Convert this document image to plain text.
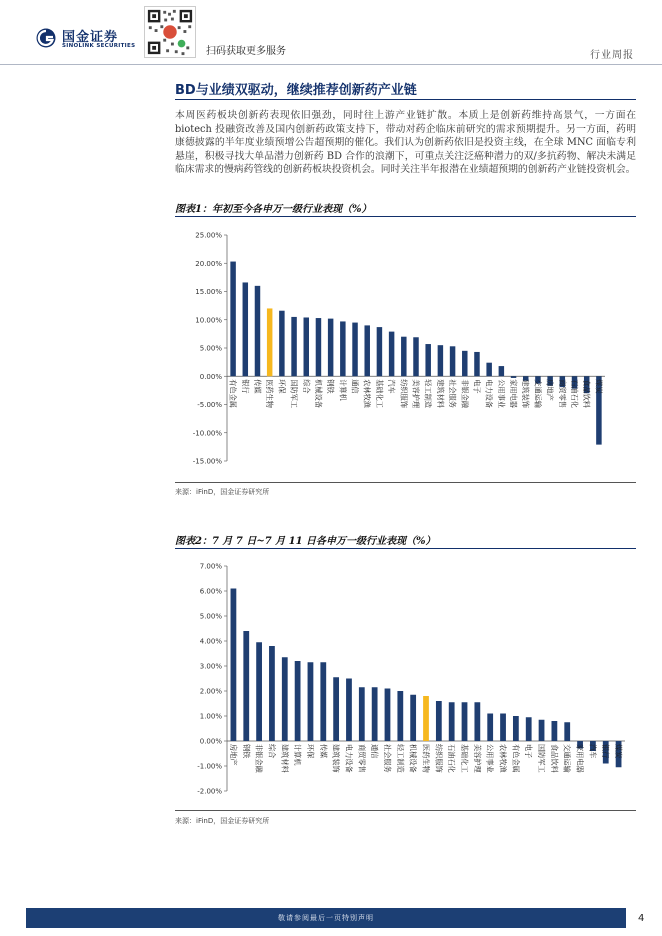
国金证券
SINOLINK SECURITIES	扫码获取更多服务	行业周报
BD与业绩双驱动，继续推荐创新药产业链

本周医药板块创新药表现依旧强劲，同时往上游产业链扩散。本质上是创新药维持高景气，一方面在 biotech 投融资改善及国内创新药政策支持下，带动对药企临床前研究的需求预期提升。另一方面，药明康德披露的半年度业绩预增公告超预期的催化。我们认为创新药依旧是投资主线，在全球 MNC 面临专利悬崖，积极寻找大单品潜力创新药 BD 合作的浪潮下，可重点关注泛癌种潜力的双/多抗药物、解决未满足临床需求的慢病药管线的创新药板块投资机会。同时关注半年报潜在业绩超预期的创新药产业链投资机会。

图表1：年初至今各申万一级行业表现（%）
25.00%
20.00%
15.00%
10.00%
5.00%
0.00%
-5.00%
-10.00%
-15.00%
有色金属 银行 传媒 医药生物 环保 国防军工 综合 机械设备 钢铁 计算机 通信 农林牧渔 基础化工 汽车 纺织服饰 美容护理 轻工制造 建筑材料 社会服务 非银金融 电子 电力设备 公用事业 家用电器 建筑装饰 交通运输 房地产 商贸零售 石油石化 食品饮料 煤炭
来源：iFinD，国金证券研究所
图表2：7 月 7 日~7 月 11 日各申万一级行业表现（%）
7.00%
6.00%
5.00%
4.00%
3.00%
2.00%
1.00%
0.00%
-1.00%
-2.00%
房地产 钢铁 非银金融 综合 建筑材料 计算机 环保 传媒 建筑装饰 电力设备 商贸零售 通信 社会服务 轻工制造 机械设备 医药生物 纺织服饰 石油石化 基础化工 美容护理 公用事业 农林牧渔 有色金属 电子 国防军工 食品饮料 交通运输 家用电器 汽车 银行 煤炭
来源：iFinD，国金证券研究所
敬请参阅最后一页特别声明	4
